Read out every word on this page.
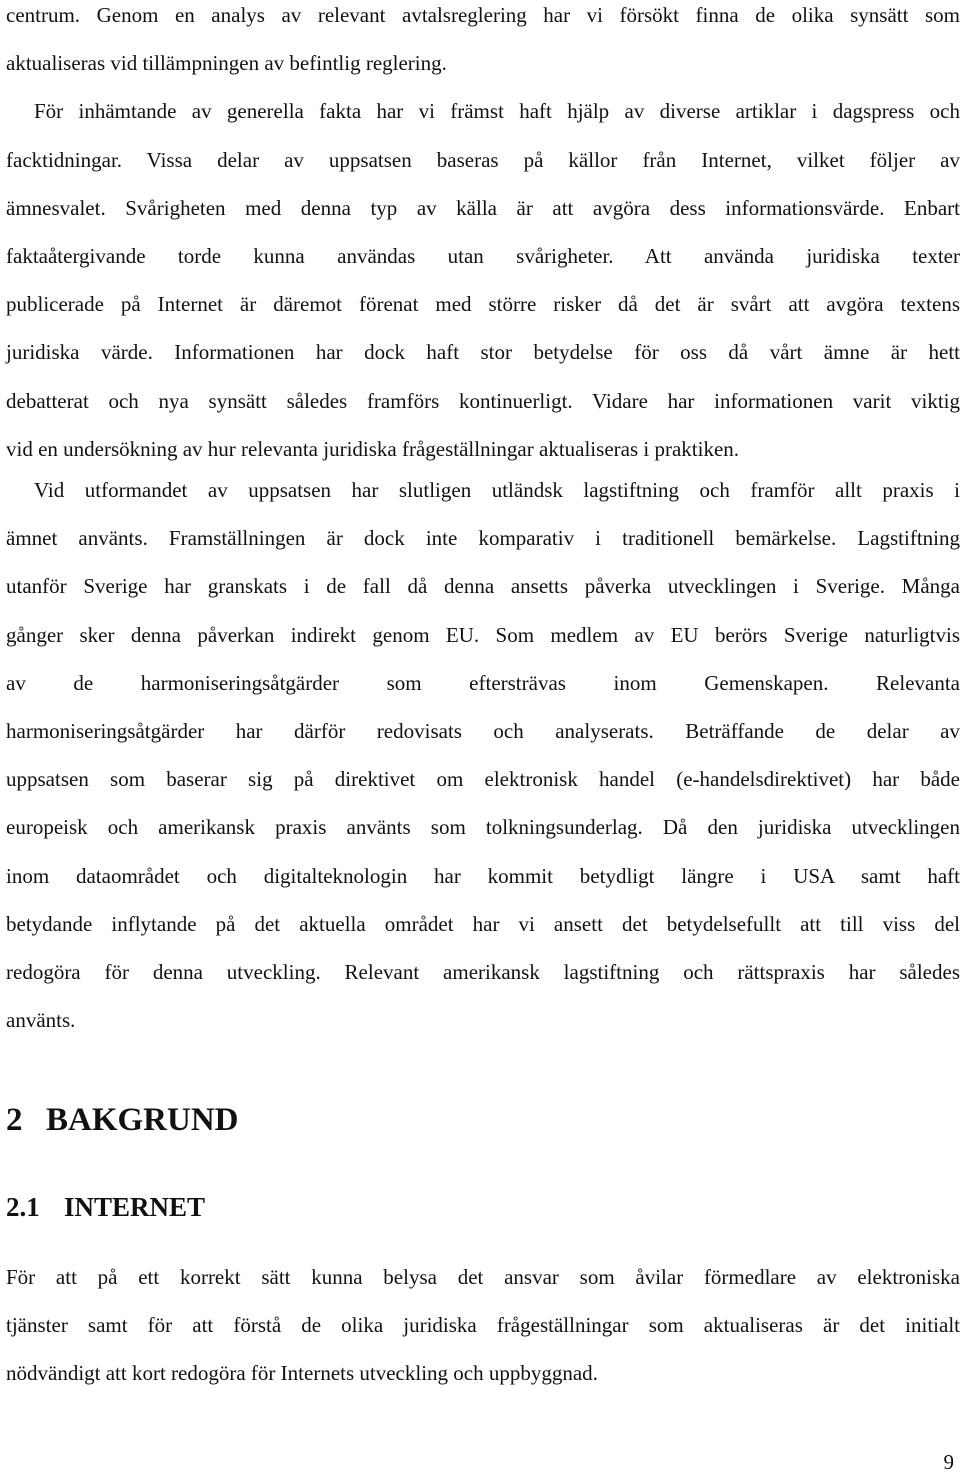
centrum. Genom en analys av relevant avtalsreglering har vi försökt finna de olika synsätt som
aktualiseras vid tillämpningen av befintlig reglering.
För inhämtande av generella fakta har vi främst haft hjälp av diverse artiklar i dagspress och
facktidningar. Vissa delar av uppsatsen baseras på källor från Internet, vilket följer av
ämnesvalet. Svårigheten med denna typ av källa är att avgöra dess informationsvärde. Enbart
faktaåtergivande torde kunna användas utan svårigheter. Att använda juridiska texter
publicerade på Internet är däremot förenat med större risker då det är svårt att avgöra textens
juridiska värde. Informationen har dock haft stor betydelse för oss då vårt ämne är hett
debatterat och nya synsätt således framförs kontinuerligt. Vidare har informationen varit viktig
vid en undersökning av hur relevanta juridiska frågeställningar aktualiseras i praktiken.
Vid utformandet av uppsatsen har slutligen utländsk lagstiftning och framför allt praxis i
ämnet använts. Framställningen är dock inte komparativ i traditionell bemärkelse. Lagstiftning
utanför Sverige har granskats i de fall då denna ansetts påverka utvecklingen i Sverige. Många
gånger sker denna påverkan indirekt genom EU. Som medlem av EU berörs Sverige naturligtvis
av de harmoniseringsåtgärder som eftersträvas inom Gemenskapen. Relevanta
harmoniseringsåtgärder har därför redovisats och analyserats. Beträffande de delar av
uppsatsen som baserar sig på direktivet om elektronisk handel (e-handelsdirektivet) har både
europeisk och amerikansk praxis använts som tolkningsunderlag. Då den juridiska utvecklingen
inom dataområdet och digitalteknologin har kommit betydligt längre i USA samt haft
betydande inflytande på det aktuella området har vi ansett det betydelsefullt att till viss del
redogöra för denna utveckling. Relevant amerikansk lagstiftning och rättspraxis har således
använts.
2 BAKGRUND
2.1 INTERNET
För att på ett korrekt sätt kunna belysa det ansvar som åvilar förmedlare av elektroniska
tjänster samt för att förstå de olika juridiska frågeställningar som aktualiseras är det initialt
nödvändigt att kort redogöra för Internets utveckling och uppbyggnad.
9
